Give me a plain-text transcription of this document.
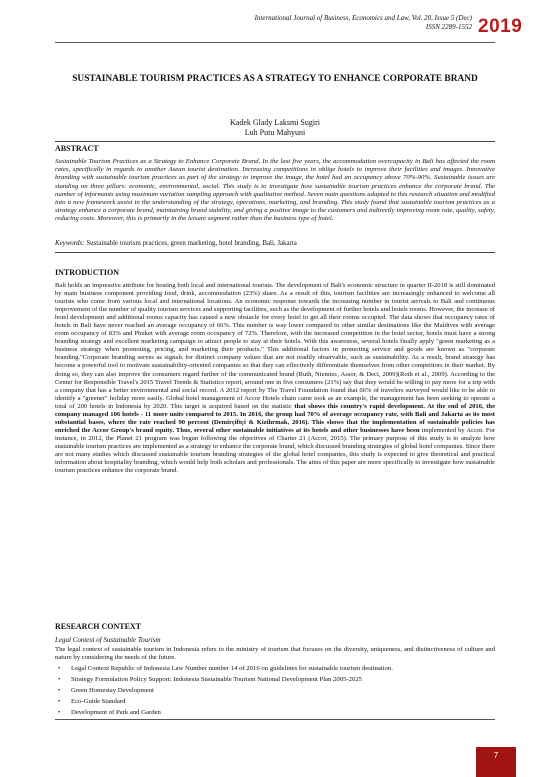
International Journal of Business, Economics and Law, Vol. 20, Issue 5 (Dec)
ISSN 2289-1552 2019
SUSTAINABLE TOURISM PRACTICES AS A STRATEGY TO ENHANCE CORPORATE BRAND
Kadek Glady Laksmi Sugiri
Luh Putu Mahyuni
ABSTRACT
Sustainable Tourism Practices as a Strategy to Enhance Corporate Brand. In the last five years, the accommodation overcapacity in Bali has affected the room rates, specifically in regards to another Asean tourist destination. Increasing competitions in oblige hotels to improve their facilities and images. Innovative branding with sustainable tourism practices as part of the strategy to improve the image, the hotel had an occupancy above 70%-90%. Sustainable issues are standing on three pillars: economic, environmental, social. This study is to investigate how sustainable tourism practices enhance the corporate brand. The number of informants using maximum variation sampling approach with qualitative method. Seven main questions adapted to this research situation and modified into a new framework assist in the understanding of the strategy, operations, marketing, and branding. This study found that sustainable tourism practices as a strategy enhance a corporate brand, maintaining brand stability, and giving a positive image to the customers and indirectly improving room rate, quality, safety, reducing costs. Moreover, this is primarily in the leisure segment rather than the business type of hotel.
Keywords: Sustainable tourism practices, green marketing, hotel branding, Bali, Jakarta
INTRODUCTION
Bali holds an impressive attribute for hosting both local and international tourists. The development of Bali's economic structure in quarter II-2018 is still dominated by main business component providing food, drink, accommodation (23%) share. As a result of this, tourism facilities are increasingly enhanced to welcome all tourists who come from various local and international locations. An economic response towards the increasing number in tourist arrivals to Bali and continuous improvement of the number of quality tourism services and supporting facilities, such as the development of further hotels and hotels rooms. However, the increase of hotel development and additional rooms capacity has caused a new obstacle for every hotel to get all their rooms occupied. The data shows that occupancy rates of hotels in Bali have never reached an average occupancy of 66%. This number is way lower compared to other similar destinations like the Maldives with average room occupancy of 83% and Phuket with average room occupancy of 72%. Therefore, with the increased competition in the hotel sector, hotels must have a strong branding strategy and excellent marketing campaign to attract people to stay at their hotels. With this awareness, several hotels finally apply "green marketing as a business strategy when promoting, pricing, and marketing their products." This additional factors in promoting service and goods are known as "corporate branding."Corporate branding serves as signals for distinct company values that are not readily observable, such as sustainability. As a result, brand strategy has become a powerful tool to motivate sustainability-oriented companies so that they can effectively differentiate themselves from other competitors in their market. By doing so, they can also improve the consumers regard further of the communicated brand (Ruth, Niemiec, Assor, & Deci, 2009)(Roth et al., 2009). According to the Center for Responsible Travel's 2015 Travel Trends & Statistics report, around one in five consumers (21%) say that they would be willing to pay more for a trip with a company that has a better environmental and social record. A 2012 report by The Travel Foundation found that 66% of travelers surveyed would like to be able to identify a "greener" holiday more easily. Global hotel management of Accor Hotels chain came took as an example, the management has been seeking to operate a total of 200 hotels in Indonesia by 2020. This target is acquired based on the statistic that shows this country's rapid development. At the end of 2016, the company managed 106 hotels - 11 more units compared to 2015. In 2016, the group had 70% of average occupancy rate, with Bali and Jakarta as its most substantial bases, where the rate reached 90 percent (Demirçiftçi & Kizilırmak, 2016). This shows that the implementation of sustainable policies has enriched the Accor Group's brand equity. Thus, several other sustainable initiatives at its hotels and other businesses have been implemented by Accor. For instance, in 2012, the Planet 21 program was begun following the objectives of Charter 21 (Accor, 2015). The primary purpose of this study is to analyze how sustainable tourism practices are implemented as a strategy to enhance the corporate brand, which discussed branding strategies of global hotel companies. Since there are not many studies which discussed sustainable tourism branding strategies of the global hotel companies, this study is expected to give theoretical and practical information about hospitality branding, which would help both scholars and professionals. The aims of this paper are more specifically to investigate how sustainable tourism practices enhance the corporate brand.
RESEARCH CONTEXT
Legal Context of Sustainable Tourism
The legal context of sustainable tourism in Indonesia refers to the ministry of tourism that focuses on the diversity, uniqueness, and distinctiveness of culture and nature by considering the needs of the future.
• Legal Context Republic of Indonesia Law Number number 14 of 2016 on guidelines for sustainable tourism destination.
• Strategy Formulation Policy Support: Indonesia Sustainable Tourism National Development Plan 2005-2025
• Green Homestay Development
• Eco-Guide Standard
• Development of Park and Garden
7
